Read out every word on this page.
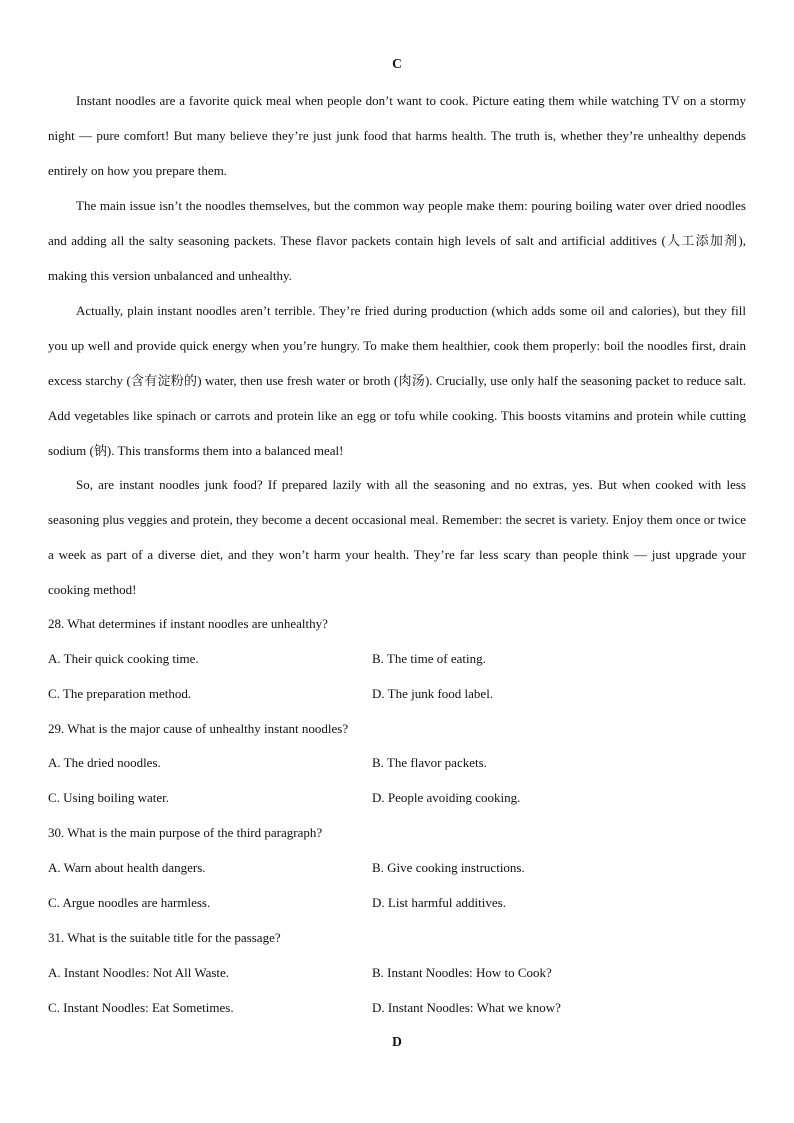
C

Instant noodles are a favorite quick meal when people don’t want to cook. Picture eating them while watching TV on a stormy night — pure comfort! But many believe they’re just junk food that harms health. The truth is, whether they’re unhealthy depends entirely on how you prepare them.

The main issue isn’t the noodles themselves, but the common way people make them: pouring boiling water over dried noodles and adding all the salty seasoning packets. These flavor packets contain high levels of salt and artificial additives (人工添加剂), making this version unbalanced and unhealthy.

Actually, plain instant noodles aren’t terrible. They’re fried during production (which adds some oil and calories), but they fill you up well and provide quick energy when you’re hungry. To make them healthier, cook them properly: boil the noodles first, drain excess starchy (含有淀粉的) water, then use fresh water or broth (肉汤). Crucially, use only half the seasoning packet to reduce salt. Add vegetables like spinach or carrots and protein like an egg or tofu while cooking. This boosts vitamins and protein while cutting sodium (钠). This transforms them into a balanced meal!

So, are instant noodles junk food? If prepared lazily with all the seasoning and no extras, yes. But when cooked with less seasoning plus veggies and protein, they become a decent occasional meal. Remember: the secret is variety. Enjoy them once or twice a week as part of a diverse diet, and they won’t harm your health. They’re far less scary than people think — just upgrade your cooking method!

28. What determines if instant noodles are unhealthy?

A. Their quick cooking time.	B. The time of eating.
C. The preparation method.	D. The junk food label.

29. What is the major cause of unhealthy instant noodles?

A. The dried noodles.	B. The flavor packets.
C. Using boiling water.	D. People avoiding cooking.

30. What is the main purpose of the third paragraph?

A. Warn about health dangers.	B. Give cooking instructions.
C. Argue noodles are harmless.	D. List harmful additives.

31. What is the suitable title for the passage?

A. Instant Noodles: Not All Waste.	B. Instant Noodles: How to Cook?
C. Instant Noodles: Eat Sometimes.	D. Instant Noodles: What we know?
D
